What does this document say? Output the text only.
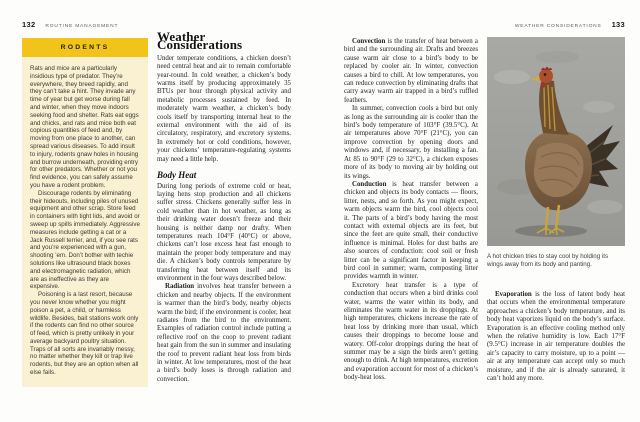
132 ROUTINE MANAGEMENT
RODENTS

Rats and mice are a particularly insidious type of predator. They’re everywhere, they breed rapidly, and they can’t take a hint. They invade any time of year but get worse during fall and winter, when they move indoors seeking food and shelter. Rats eat eggs and chicks, and rats and mice both eat copious quantities of feed and, by moving from one place to another, can spread various diseases. To add insult to injury, rodents gnaw holes in housing and burrow underneath, providing entry for other predators. Whether or not you find evidence, you can safely assume you have a rodent problem.

Discourage rodents by eliminating their hideouts, including piles of unused equipment and other scrap. Store feed in containers with tight lids, and avoid or sweep up spills immediately. Aggressive measures include getting a cat or a Jack Russell terrier, and, if you see rats and you’re experienced with a gun, shooting ’em. Don’t bother with techie solutions like ultrasound black boxes and electromagnetic radiation, which are as ineffective as they are expensive.

Poisoning is a last resort, because you never know whether you might poison a pet, a child, or harmless wildlife. Besides, bait stations work only if the rodents can find no other source of feed, which is pretty unlikely in your average backyard poultry situation. Traps of all sorts are invariably messy, no matter whether they kill or trap live rodents, but they are an option when all else fails.

Weather Considerations

Under temperate conditions, a chicken doesn’t need central heat and air to remain comfortable year-round. In cold weather, a chicken’s body warms itself by producing approximately 35 BTUs per hour through physical activity and metabolic processes sustained by feed. In moderately warm weather, a chicken’s body cools itself by transporting internal heat to the external environment with the aid of its circulatory, respiratory, and excretory systems. In extremely hot or cold conditions, however, your chickens’ temperature-regulating systems may need a little help.

Body Heat

During long periods of extreme cold or heat, laying hens stop production and all chickens suffer stress. Chickens generally suffer less in cold weather than in hot weather, as long as their drinking water doesn’t freeze and their housing is neither damp nor drafty. When temperatures reach 104°F (40°C) or above, chickens can’t lose excess heat fast enough to maintain the proper body temperature and may die. A chicken’s body controls temperature by transferring heat between itself and its environment in the four ways described below.

Radiation involves heat transfer between a chicken and nearby objects. If the environment is warmer than the bird’s body, nearby objects warm the bird; if the environment is cooler, heat radiates from the bird to the environment. Examples of radiation control include putting a reflective roof on the coop to prevent radiant heat gain from the sun in summer and insulating the roof to prevent radiant heat loss from birds in winter. At low temperatures, most of the heat a bird’s body loses is through radiation and convection.

WEATHER CONSIDERATIONS 133

Convection is the transfer of heat between a bird and the surrounding air. Drafts and breezes cause warm air close to a bird’s body to be replaced by cooler air. In winter, convection causes a bird to chill. At low temperatures, you can reduce convection by eliminating drafts that carry away warm air trapped in a bird’s ruffled feathers.

In summer, convection cools a bird but only as long as the surrounding air is cooler than the bird’s body temperature of 103°F (39.5°C). At air temperatures above 70°F (21°C), you can improve convection by opening doors and windows and, if necessary, by installing a fan. At 85 to 90°F (29 to 32°C), a chicken exposes more of its body to moving air by holding out its wings.

Conduction is heat transfer between a chicken and objects its body contacts — floors, litter, nests, and so forth. As you might expect, warm objects warm the bird, cool objects cool it. The parts of a bird’s body having the most contact with external objects are its feet, but since the feet are quite small, their conductive influence is minimal. Holes for dust baths are also sources of conduction: cool soil or fresh litter can be a significant factor in keeping a bird cool in summer; warm, composting litter provides warmth in winter.

Excretory heat transfer is a type of conduction that occurs when a bird drinks cool water, warms the water within its body, and eliminates the warm water in its droppings. At high temperatures, chickens increase the rate of heat loss by drinking more than usual, which causes their droppings to become loose and watery. Off-color droppings during the heat of summer may be a sign the birds aren’t getting enough to drink. At high temperatures, excretion and evaporation account for most of a chicken’s body-heat loss.

A hot chicken tries to stay cool by holding its wings away from its body and panting.

Evaporation is the loss of latent body heat that occurs when the environmental temperature approaches a chicken’s body temperature, and its body heat vaporizes liquid on the body’s surface. Evaporation is an effective cooling method only when the relative humidity is low. Each 17°F (9.5°C) increase in air temperature doubles the air’s capacity to carry moisture, up to a point — air at any temperature can accept only so much moisture, and if the air is already saturated, it can’t hold any more.
